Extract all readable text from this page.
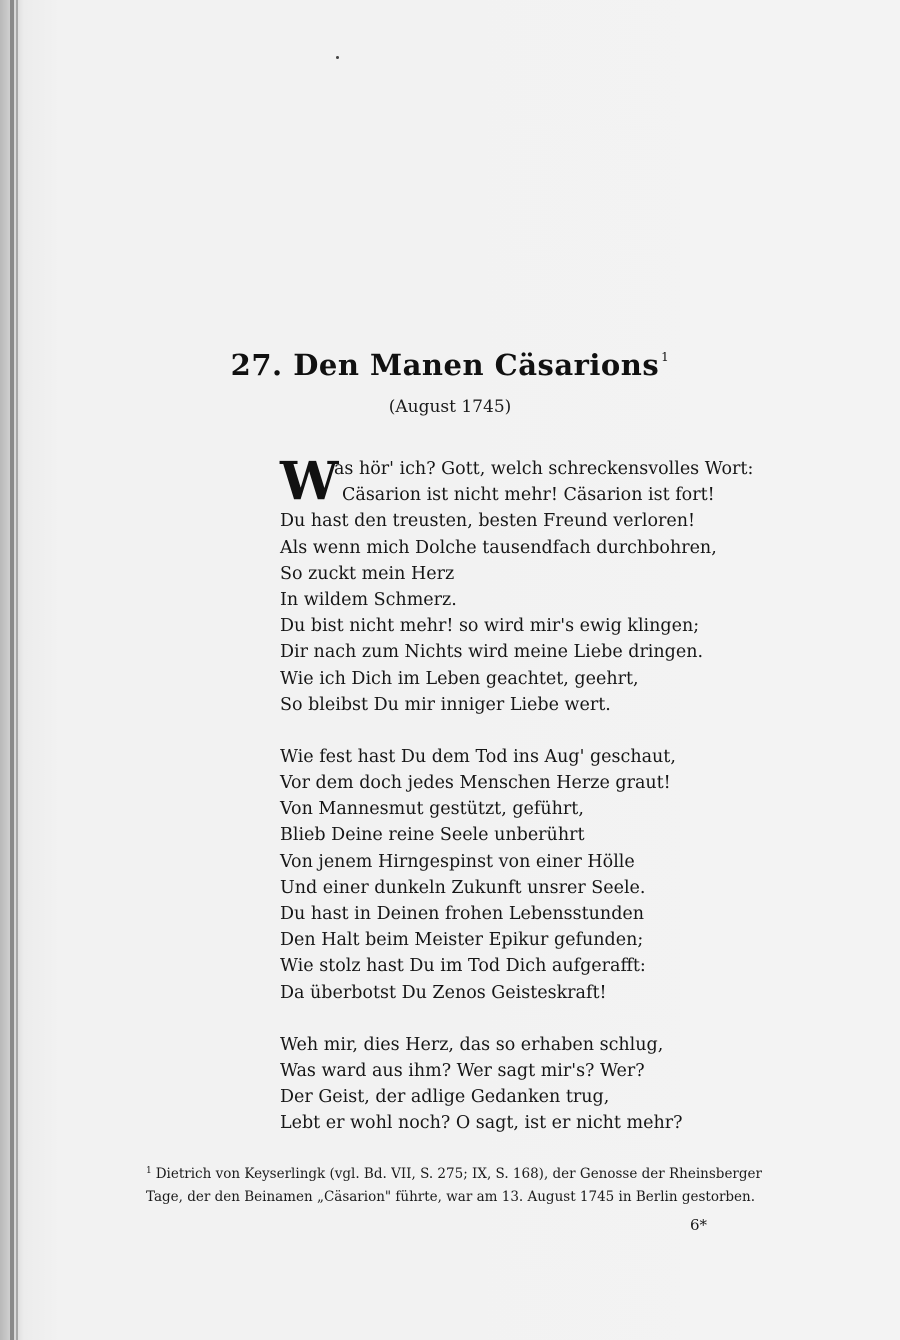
27. Den Manen Cäsarions $^1$
(August 1745)
W
as hör' ich? Gott, welch schreckensvolles Wort:
Cäsarion ist nicht mehr! Cäsarion ist fort!
Du hast den treusten, besten Freund verloren!
Als wenn mich Dolche tausendfach durchbohren,
So zuckt mein Herz
In wildem Schmerz.
Du bist nicht mehr! so wird mir's ewig klingen;
Dir nach zum Nichts wird meine Liebe dringen.
Wie ich Dich im Leben geachtet, geehrt,
So bleibst Du mir inniger Liebe wert.
Wie fest hast Du dem Tod ins Aug' geschaut,
Vor dem doch jedes Menschen Herze graut!
Von Mannesmut gestützt, geführt,
Blieb Deine reine Seele unberührt
Von jenem Hirngespinst von einer Hölle
Und einer dunkeln Zukunft unsrer Seele.
Du hast in Deinen frohen Lebensstunden
Den Halt beim Meister Epikur gefunden;
Wie stolz hast Du im Tod Dich aufgerafft:
Da überbotst Du Zenos Geisteskraft!
Weh mir, dies Herz, das so erhaben schlug,
Was ward aus ihm? Wer sagt mir's? Wer?
Der Geist, der adlige Gedanken trug,
Lebt er wohl noch? O sagt, ist er nicht mehr?
$^1$ Dietrich von Keyserlingk (vgl. Bd. VII, S. 275; IX, S. 168), der Genosse der Rheinsberger
Tage, der den Beinamen „Cäsarion" führte, war am 13. August 1745 in Berlin gestorben.
6*
